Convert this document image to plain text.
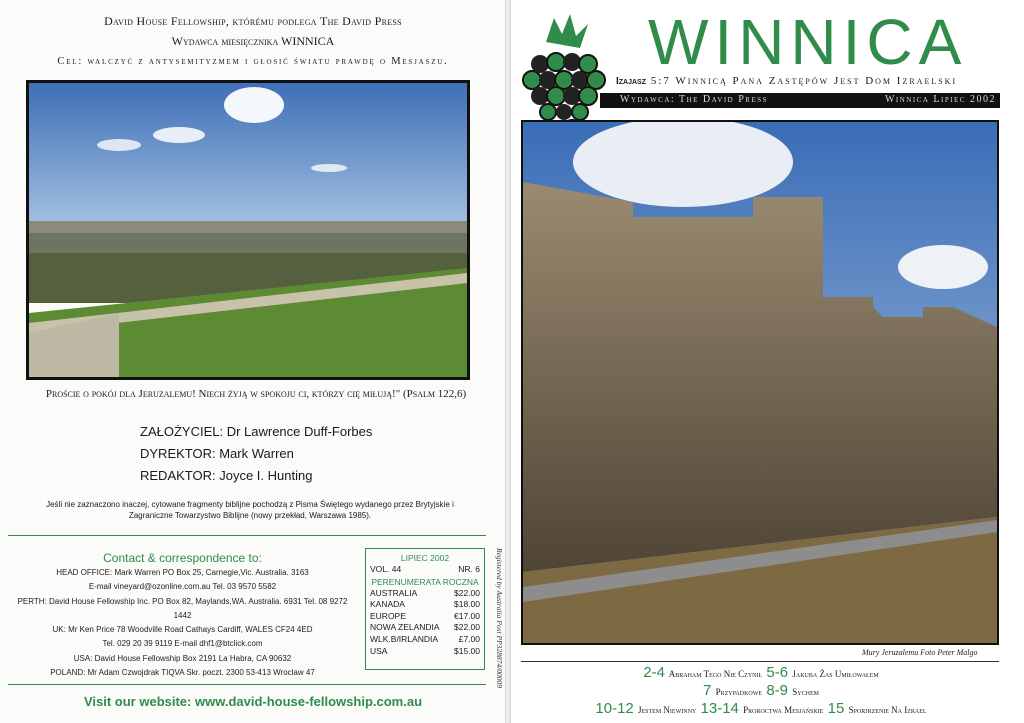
David House Fellowship, którému podlega The David Press
Wydawca miesięcznika WINNICA
Cel: walczyć z antysemityzmem i głosić światu prawdę o Mesjaszu.
Proście o pokój dla Jeruzalemu! Niech żyją w spokoju ci, którzy cię miłują!" (Psalm 122,6)
ZAŁOŻYCIEL: Dr Lawrence Duff-Forbes
DYREKTOR: Mark Warren
REDAKTOR: Joyce I. Hunting
Jeśli nie zaznaczono inaczej, cytowane fragmenty biblijne pochodzą z Pisma Świętego wydanego przez Brytyjskie i Zagraniczne Towarzystwo Biblijne (nowy przekład, Warszawa 1985).
Contact & correspondence to:
HEAD OFFICE: Mark Warren PO Box 25, Carnegie,Vic. Australia. 3163
E-mail vineyard@ozonline.com.au Tel. 03 9570 5582
PERTH: David House Fellowship Inc. PO Box 82, Maylands,WA. Australia. 6931 Tel. 08 9272 1442
UK: Mr Ken Price 78 Woodville Road Cathays Cardiff, WALES CF24 4ED
Tel. 029 20 39 9119 E-mail dhf1@btclick.com
USA: David House Fellowship Box 2191 La Habra, CA 90632
POLAND: Mr Adam Czwojdrak TIQVA Skr. poczt. 2300 53-413 Wroclaw 47
LIPIEC 2002
VOL. 44	NR. 6
PERENUMERATA ROCZNA
AUSTRALIA	$22.00
KANADA	$18.00
EUROPE	€17.00
NOWA ZELANDIA $22.00
WLK.B/IRLANDIA £7.00
USA	$15.00 Registered by Australia Post PP328874/00009
Visit our website: www.david-house-fellowship.com.au
WINNICA
Izajasz 5:7 Winnicą Pana Zastępów Jest Dom Izraelski
Wydawca: The David Press	Winnica Lipiec 2002
Mury Jeruzalemu Foto Peter Malgo
2-4 Abraham Tego Nie Czynił 5-6 Jakuba Żas Umiłowałem
7 Przypadkowe 8-9 Sychem
10-12 Jestem Niewinny 13-14 Proroctwa Mesjańskie 15 Sporjrzenie Na Izrael
